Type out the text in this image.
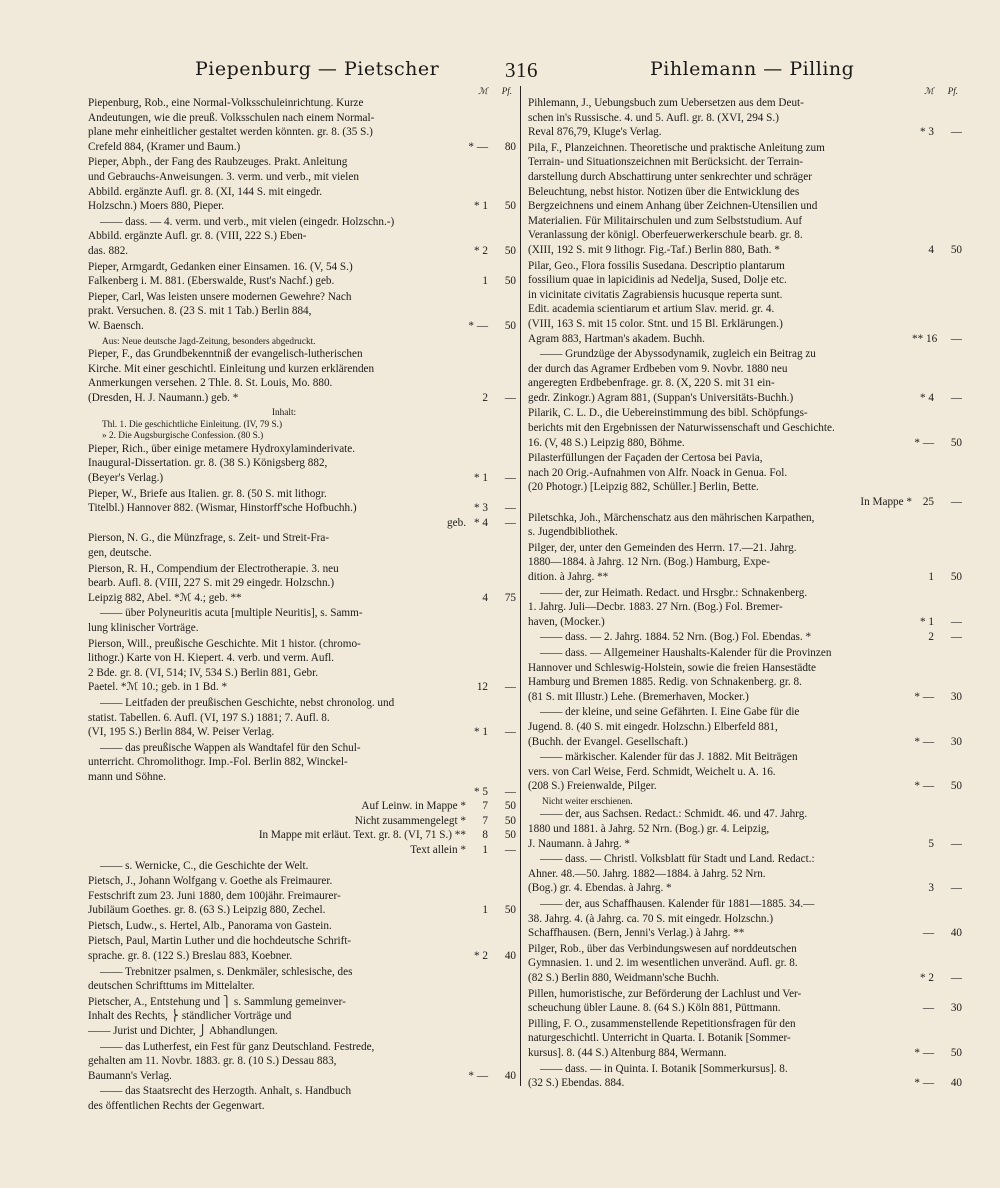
Piepenburg — Pietscher	316	Pihlemann — Pilling
ℳ Pf.
Piepenburg, Rob., eine Normal-Volksschuleinrichtung. Kurze
Andeutungen, wie die preuß. Volksschulen nach einem Normal-
plane mehr einheitlicher gestaltet werden könnten. gr. 8. (35 S.)
Crefeld 884, (Kramer und Baum.)	* —	80
Pieper, Abph., der Fang des Raubzeuges. Prakt. Anleitung
und Gebrauchs-Anweisungen. 3. verm. und verb., mit vielen
Abbild. ergänzte Aufl. gr. 8. (XI, 144 S. mit eingedr.
Holzschn.) Moers 880, Pieper.	* 1	50
—— dass. — 4. verm. und verb., mit vielen (eingedr. Holzschn.-)
Abbild. ergänzte Aufl. gr. 8. (VIII, 222 S.) Eben-
das. 882.	* 2	50
Pieper, Armgardt, Gedanken einer Einsamen. 16. (V, 54 S.)
Falkenberg i. M. 881. (Eberswalde, Rust's Nachf.) geb.	1	50
Pieper, Carl, Was leisten unsere modernen Gewehre? Nach
prakt. Versuchen. 8. (23 S. mit 1 Tab.) Berlin 884,
W. Baensch.	* —	50
Aus: Neue deutsche Jagd-Zeitung, besonders abgedruckt.
Pieper, F., das Grundbekenntniß der evangelisch-lutherischen
Kirche. Mit einer geschichtl. Einleitung und kurzen erklärenden
Anmerkungen versehen. 2 Thle. 8. St. Louis, Mo. 880.
(Dresden, H. J. Naumann.) geb. *	2	—
Inhalt:
Thl. 1. Die geschichtliche Einleitung. (IV, 79 S.)
» 2. Die Augsburgische Confession. (80 S.)
Pieper, Rich., über einige metamere Hydroxylaminderivate.
Inaugural-Dissertation. gr. 8. (38 S.) Königsberg 882,
(Beyer's Verlag.)	* 1	—
Pieper, W., Briefe aus Italien. gr. 8. (50 S. mit lithogr.
Titelbl.) Hannover 882. (Wismar, Hinstorff'sche Hofbuchh.)	* 3	—
geb. * 4	—
Pierson, N. G., die Münzfrage, s. Zeit- und Streit-Fra-
gen, deutsche.
Pierson, R. H., Compendium der Electrotherapie. 3. neu
bearb. Aufl. 8. (VIII, 227 S. mit 29 eingedr. Holzschn.)
Leipzig 882, Abel. *ℳ 4.; geb. **	4	75
—— über Polyneuritis acuta [multiple Neuritis], s. Samm-
lung klinischer Vorträge.
Pierson, Will., preußische Geschichte. Mit 1 histor. (chromo-
lithogr.) Karte von H. Kiepert. 4. verb. und verm. Aufl.
2 Bde. gr. 8. (VI, 514; IV, 534 S.) Berlin 881, Gebr.
Paetel. *ℳ 10.; geb. in 1 Bd. *	12	—
—— Leitfaden der preußischen Geschichte, nebst chronolog. und
statist. Tabellen. 6. Aufl. (VI, 197 S.) 1881; 7. Aufl. 8.
(VI, 195 S.) Berlin 884, W. Peiser Verlag.	* 1	—
—— das preußische Wappen als Wandtafel für den Schul-
unterricht. Chromolithogr. Imp.-Fol. Berlin 882, Winckel-
mann und Söhne.
* 5	—
Auf Leinw. in Mappe *	7	50
Nicht zusammengelegt *	7	50
In Mappe mit erläut. Text. gr. 8. (VI, 71 S.) **	8	50
Text allein *	1	—
—— s. Wernicke, C., die Geschichte der Welt.
Pietsch, J., Johann Wolfgang v. Goethe als Freimaurer.
Festschrift zum 23. Juni 1880, dem 100jähr. Freimaurer-
Jubiläum Goethes. gr. 8. (63 S.) Leipzig 880, Zechel.	1	50
Pietsch, Ludw., s. Hertel, Alb., Panorama von Gastein.
Pietsch, Paul, Martin Luther und die hochdeutsche Schrift-
sprache. gr. 8. (122 S.) Breslau 883, Koebner.	* 2	40
—— Trebnitzer psalmen, s. Denkmäler, schlesische, des
deutschen Schrifttums im Mittelalter.
Pietscher, A., Entstehung und ⎫ s. Sammlung gemeinver-
Inhalt des Rechts, ⎬ ständlicher Vorträge und
—— Jurist und Dichter, ⎭ Abhandlungen.
—— das Lutherfest, ein Fest für ganz Deutschland. Festrede,
gehalten am 11. Novbr. 1883. gr. 8. (10 S.) Dessau 883,
Baumann's Verlag.	* —	40
—— das Staatsrecht des Herzogth. Anhalt, s. Handbuch
des öffentlichen Rechts der Gegenwart.
ℳ Pf.
Pihlemann, J., Uebungsbuch zum Uebersetzen aus dem Deut-
schen in's Russische. 4. und 5. Aufl. gr. 8. (XVI, 294 S.)
Reval 876,79, Kluge's Verlag.	* 3	—
Pila, F., Planzeichnen. Theoretische und praktische Anleitung zum
Terrain- und Situationszeichnen mit Berücksicht. der Terrain-
darstellung durch Abschattirung unter senkrechter und schräger
Beleuchtung, nebst histor. Notizen über die Entwicklung des
Bergzeichnens und einem Anhang über Zeichnen-Utensilien und
Materialien. Für Militairschulen und zum Selbststudium. Auf
Veranlassung der königl. Oberfeuerwerkerschule bearb. gr. 8.
(XIII, 192 S. mit 9 lithogr. Fig.-Taf.) Berlin 880, Bath. *	4	50
Pilar, Geo., Flora fossilis Susedana. Descriptio plantarum
fossilium quae in lapicidinis ad Nedelja, Sused, Dolje etc.
in vicinitate civitatis Zagrabiensis hucusque reperta sunt.
Edit. academia scientiarum et artium Slav. merid. gr. 4.
(VIII, 163 S. mit 15 color. Stnt. und 15 Bl. Erklärungen.)
Agram 883, Hartman's akadem. Buchh.	** 16	—
—— Grundzüge der Abyssodynamik, zugleich ein Beitrag zu
der durch das Agramer Erdbeben vom 9. Novbr. 1880 neu
angeregten Erdbebenfrage. gr. 8. (X, 220 S. mit 31 ein-
gedr. Zinkogr.) Agram 881, (Suppan's Universitäts-Buchh.)	* 4	—
Pilarik, C. L. D., die Uebereinstimmung des bibl. Schöpfungs-
berichts mit den Ergebnissen der Naturwissenschaft und Geschichte.
16. (V, 48 S.) Leipzig 880, Böhme.	* —	50
Pilasterfüllungen der Façaden der Certosa bei Pavia,
nach 20 Orig.-Aufnahmen von Alfr. Noack in Genua. Fol.
(20 Photogr.) [Leipzig 882, Schüller.] Berlin, Bette.
In Mappe * 25	—
Piletschka, Joh., Märchenschatz aus den mährischen Karpathen,
s. Jugendbibliothek.
Pilger, der, unter den Gemeinden des Herrn. 17.—21. Jahrg.
1880—1884. à Jahrg. 12 Nrn. (Bog.) Hamburg, Expe-
dition. à Jahrg. **	1	50
—— der, zur Heimath. Redact. und Hrsgbr.: Schnakenberg.
1. Jahrg. Juli—Decbr. 1883. 27 Nrn. (Bog.) Fol. Bremer-
haven, (Mocker.)	* 1	—
—— dass. — 2. Jahrg. 1884. 52 Nrn. (Bog.) Fol. Ebendas. *	2	—
—— dass. — Allgemeiner Haushalts-Kalender für die Provinzen
Hannover und Schleswig-Holstein, sowie die freien Hansestädte
Hamburg und Bremen 1885. Redig. von Schnakenberg. gr. 8.
(81 S. mit Illustr.) Lehe. (Bremerhaven, Mocker.)	* —	30
—— der kleine, und seine Gefährten. I. Eine Gabe für die
Jugend. 8. (40 S. mit eingedr. Holzschn.) Elberfeld 881,
(Buchh. der Evangel. Gesellschaft.)	* —	30
—— märkischer. Kalender für das J. 1882. Mit Beiträgen
vers. von Carl Weise, Ferd. Schmidt, Weichelt u. A. 16.
(208 S.) Freienwalde, Pilger.	* —	50
Nicht weiter erschienen.
—— der, aus Sachsen. Redact.: Schmidt. 46. und 47. Jahrg.
1880 und 1881. à Jahrg. 52 Nrn. (Bog.) gr. 4. Leipzig,
J. Naumann. à Jahrg. *	5	—
—— dass. — Christl. Volksblatt für Stadt und Land. Redact.:
Ahner. 48.—50. Jahrg. 1882—1884. à Jahrg. 52 Nrn.
(Bog.) gr. 4. Ebendas. à Jahrg. *	3	—
—— der, aus Schaffhausen. Kalender für 1881—1885. 34.—
38. Jahrg. 4. (à Jahrg. ca. 70 S. mit eingedr. Holzschn.)
Schaffhausen. (Bern, Jenni's Verlag.) à Jahrg. **	—	40
Pilger, Rob., über das Verbindungswesen auf norddeutschen
Gymnasien. 1. und 2. im wesentlichen unveränd. Aufl. gr. 8.
(82 S.) Berlin 880, Weidmann'sche Buchh.	* 2	—
Pillen, humoristische, zur Beförderung der Lachlust und Ver-
scheuchung übler Laune. 8. (64 S.) Köln 881, Püttmann.	—	30
Pilling, F. O., zusammenstellende Repetitionsfragen für den
naturgeschichtl. Unterricht in Quarta. I. Botanik [Sommer-
kursus]. 8. (44 S.) Altenburg 884, Wermann.	* —	50
—— dass. — in Quinta. I. Botanik [Sommerkursus]. 8.
(32 S.) Ebendas. 884.	* —	40
